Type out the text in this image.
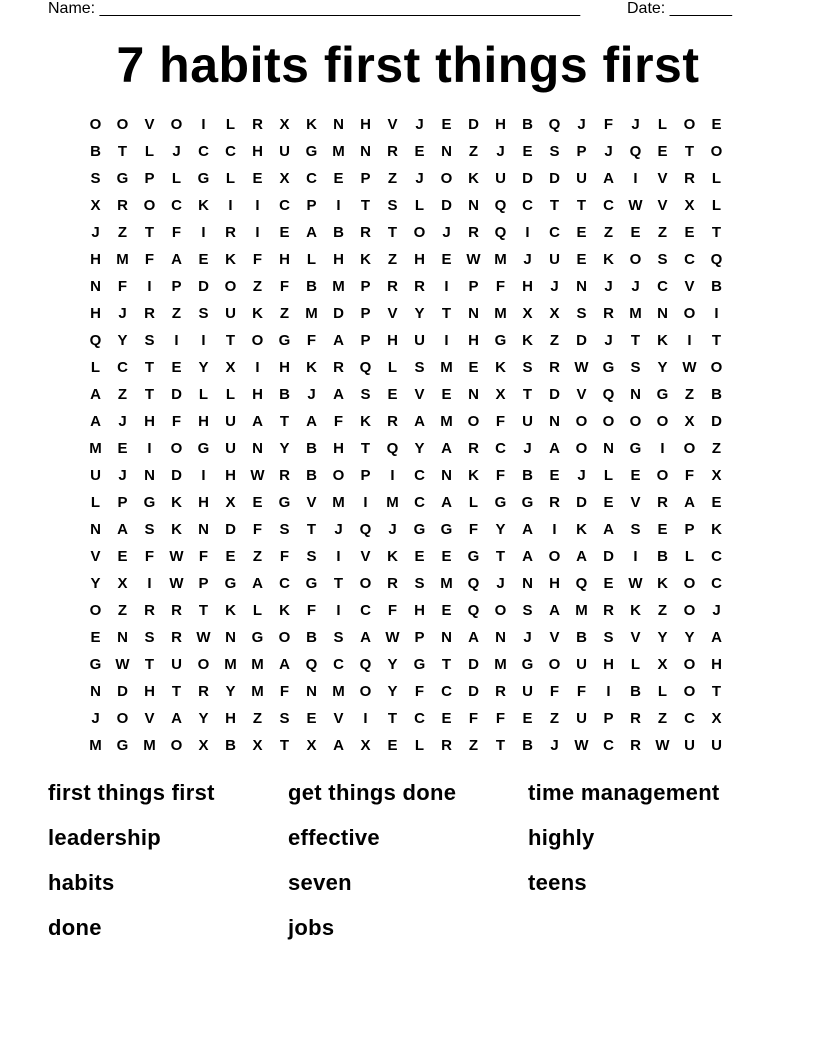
Name: ______________________________________________________	Date: _______
7 habits first things first
O	O	V	O	I	L	R	X	K	N	H	V	J	E	D	H	B	Q	J	F	J	L	O	E
B	T	L	J	C	C	H	U	G M	N	R	E	N	Z	J	E	S	P	J	Q	E	T	O
S	G	P	L	G	L	E	X	C	E	P	Z	J	O	K	U	D	D	U	A	I	V	R	L
X	R	O	C	K	I	I	C	P	I	T	S	L	D	N	Q	C	T	T	C W V	X	L
J	Z	T	F	I	R	I	E	A	B	R	T	O	J	R	Q	I	C	E	Z	E	Z	E	T
H	M	F	A	E	K	F	H	L	H	K	Z	H	E W M	J	U	E	K	O	S	C	Q
N	F	I	P	D	O	Z	F	B	M	P	R	R	I	P	F	H	J	N	J	J	C	V	B
H	J	R	Z	S	U	K	Z	M	D	P	V	Y	T	N	M	X	X	S	R	M	N	O	I
Q	Y	S	I	I	T	O	G	F	A	P	H	U	I	H	G	K	Z	D	J	T	K	I	T
L	C	T	E	Y	X	I	H	K	R	Q	L	S	M	E	K	S	R W G	S	Y W O
A	Z	T	D	L	L	H	B	J	A	S	E	V	E	N	X	T	D	V	Q	N	G	Z	B
A	J	H	F	H	U	A	T	A	F	K	R	A	M O	F	U	N	O	O	O	O	X	D
M	E	I	O	G	U	N	Y	B	H	T	Q	Y	A	R	C	J	A	O	N	G	I	O	Z
U	J	N	D	I	H W R	B	O	P	I	C	N	K	F	B	E	J	L	E	O	F	X
L	P	G	K	H	X	E	G	V	M	I	M	C	A	L	G	G	R	D	E	V	R	A	E
N	A	S	K	N	D	F	S	T	J	Q	J	G	G	F	Y	A	I	K	A	S	E	P	K
V	E	F	W	F	E	Z	F	S	I	V	K	E	E	G	T	A	O	A	D	I	B	L	C
Y	X	I	W P	G	A	C	G	T	O	R	S	M Q	J	N	H	Q	E W K	O	C
O	Z	R	R	T	K	L	K	F	I	C	F	H	E	Q	O	S	A	M	R	K	Z	O	J
E	N	S	R W N	G	O	B	S	A W P	N	A	N	J	V	B	S	V	Y	Y	A
G W	T	U	O M M	A	Q	C	Q	Y	G	T	D	M G	O	U	H	L	X	O	H
N	D	H	T	R	Y	M	F	N	M O	Y	F	C	D	R	U	F	F	I	B	L	O	T
J	O	V	A	Y	H	Z	S	E	V	I	T	C	E	F	F	E	Z	U	P	R	Z	C	X
M G M O	X	B	X	T	X	A	X	E	L	R	Z	T	B	J	W C	R W U	U
first things first	get things done	time management
leadership	effective	highly
habits	seven	teens
done	jobs
